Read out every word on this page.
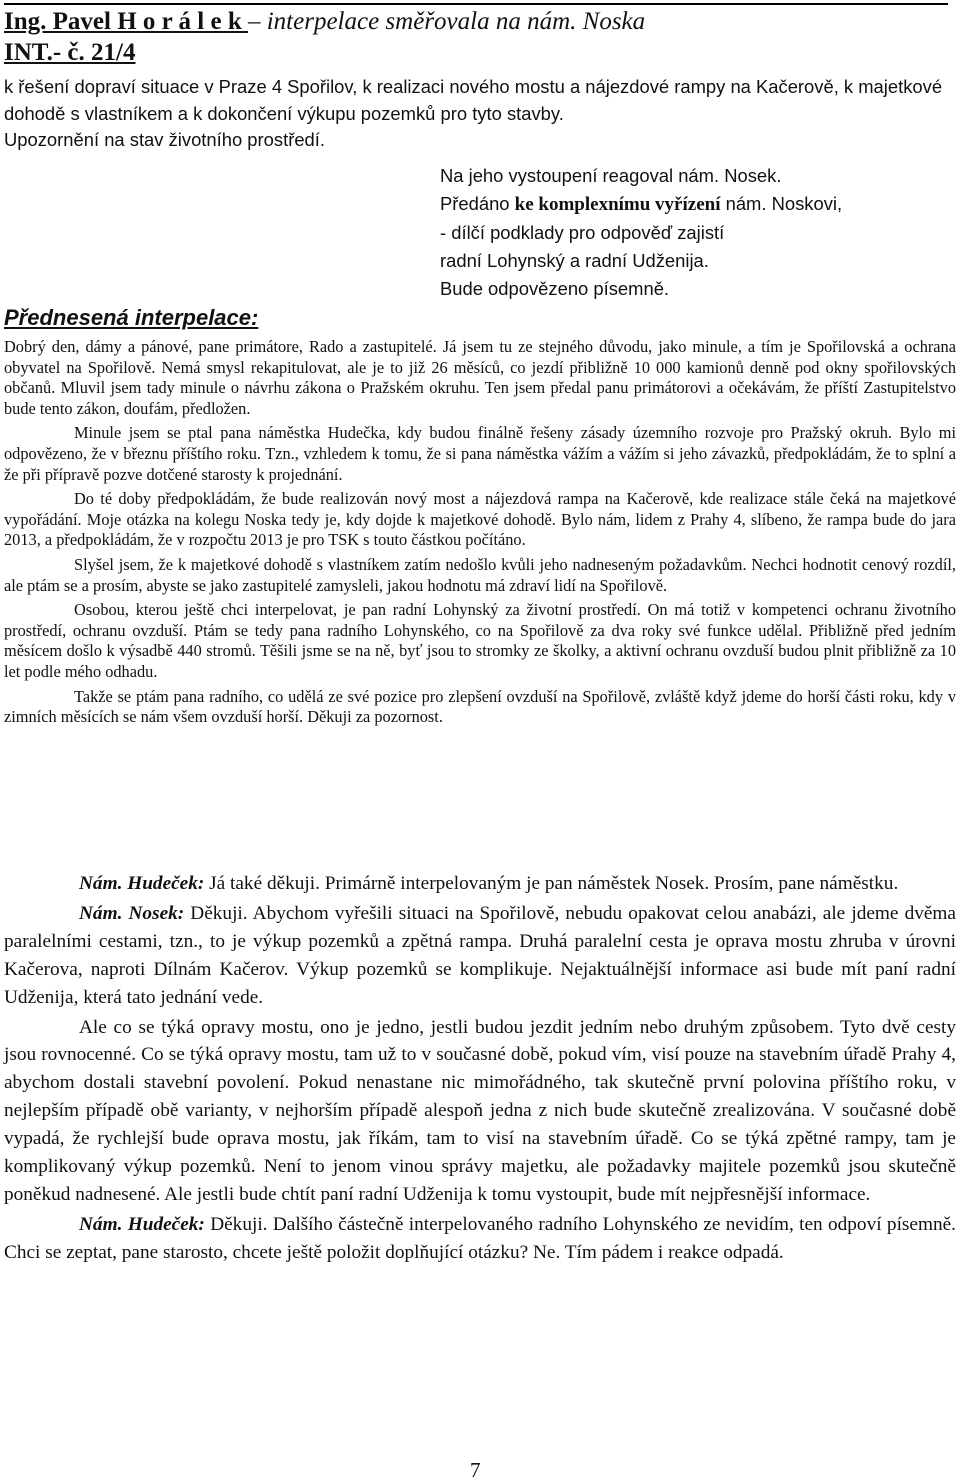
Ing. Pavel H o r á l e k – interpelace směřovala na nám. Noska
INT.- č. 21/4
k řešení dopraví situace v Praze 4 Spořilov, k realizaci nového mostu a nájezdové rampy na Kačerově, k majetkové dohodě s vlastníkem a k dokončení výkupu pozemků pro tyto stavby.
Upozornění na stav životního prostředí.
Na jeho vystoupení reagoval nám. Nosek.
Předáno ke komplexnímu vyřízení nám. Noskovi,
- dílčí podklady pro odpověď zajistí
radní Lohynský a radní Udženija.
Bude odpovězeno písemně.
Přednesená interpelace:

Dobrý den, dámy a pánové, pane primátore, Rado a zastupitelé. Já jsem tu ze stejného důvodu, jako minule, a tím je Spořilovská a ochrana obyvatel na Spořilově. Nemá smysl rekapitulovat, ale je to již 26 měsíců, co jezdí přibližně 10 000 kamionů denně pod okny spořilovských občanů. Mluvil jsem tady minule o návrhu zákona o Pražském okruhu. Ten jsem předal panu primátorovi a očekávám, že příští Zastupitelstvo bude tento zákon, doufám, předložen.

Minule jsem se ptal pana náměstka Hudečka, kdy budou finálně řešeny zásady územního rozvoje pro Pražský okruh. Bylo mi odpovězeno, že v březnu příštího roku. Tzn., vzhledem k tomu, že si pana náměstka vážím a vážím si jeho závazků, předpokládám, že to splní a že při přípravě pozve dotčené starosty k projednání.

Do té doby předpokládám, že bude realizován nový most a nájezdová rampa na Kačerově, kde realizace stále čeká na majetkové vypořádání. Moje otázka na kolegu Noska tedy je, kdy dojde k majetkové dohodě. Bylo nám, lidem z Prahy 4, slíbeno, že rampa bude do jara 2013, a předpokládám, že v rozpočtu 2013 je pro TSK s touto částkou počítáno.

Slyšel jsem, že k majetkové dohodě s vlastníkem zatím nedošlo kvůli jeho nadneseným požadavkům. Nechci hodnotit cenový rozdíl, ale ptám se a prosím, abyste se jako zastupitelé zamysleli, jakou hodnotu má zdraví lidí na Spořilově.

Osobou, kterou ještě chci interpelovat, je pan radní Lohynský za životní prostředí. On má totiž v kompetenci ochranu životního prostředí, ochranu ovzduší. Ptám se tedy pana radního Lohynského, co na Spořilově za dva roky své funkce udělal. Přibližně před jedním měsícem došlo k výsadbě 440 stromů. Těšili jsme se na ně, byť jsou to stromky ze školky, a aktivní ochranu ovzduší budou plnit přibližně za 10 let podle mého odhadu.

Takže se ptám pana radního, co udělá ze své pozice pro zlepšení ovzduší na Spořilově, zvláště když jdeme do horší části roku, kdy v zimních měsících se nám všem ovzduší horší. Děkuji za pozornost.

Nám. Hudeček: Já také děkuji. Primárně interpelovaným je pan náměstek Nosek. Prosím, pane náměstku.

Nám. Nosek: Děkuji. Abychom vyřešili situaci na Spořilově, nebudu opakovat celou anabázi, ale jdeme dvěma paralelními cestami, tzn., to je výkup pozemků a zpětná rampa. Druhá paralelní cesta je oprava mostu zhruba v úrovni Kačerova, naproti Dílnám Kačerov. Výkup pozemků se komplikuje. Nejaktuálnější informace asi bude mít paní radní Udženija, která tato jednání vede.

Ale co se týká opravy mostu, ono je jedno, jestli budou jezdit jedním nebo druhým způsobem. Tyto dvě cesty jsou rovnocenné. Co se týká opravy mostu, tam už to v současné době, pokud vím, visí pouze na stavebním úřadě Prahy 4, abychom dostali stavební povolení. Pokud nenastane nic mimořádného, tak skutečně první polovina příštího roku, v nejlepším případě obě varianty, v nejhorším případě alespoň jedna z nich bude skutečně zrealizována. V současné době vypadá, že rychlejší bude oprava mostu, jak říkám, tam to visí na stavebním úřadě. Co se týká zpětné rampy, tam je komplikovaný výkup pozemků. Není to jenom vinou správy majetku, ale požadavky majitele pozemků jsou skutečně poněkud nadnesené. Ale jestli bude chtít paní radní Udženija k tomu vystoupit, bude mít nejpřesnější informace.

Nám. Hudeček: Děkuji. Dalšího částečně interpelovaného radního Lohynského ze nevidím, ten odpoví písemně. Chci se zeptat, pane starosto, chcete ještě položit doplňující otázku? Ne. Tím pádem i reakce odpadá.

7
